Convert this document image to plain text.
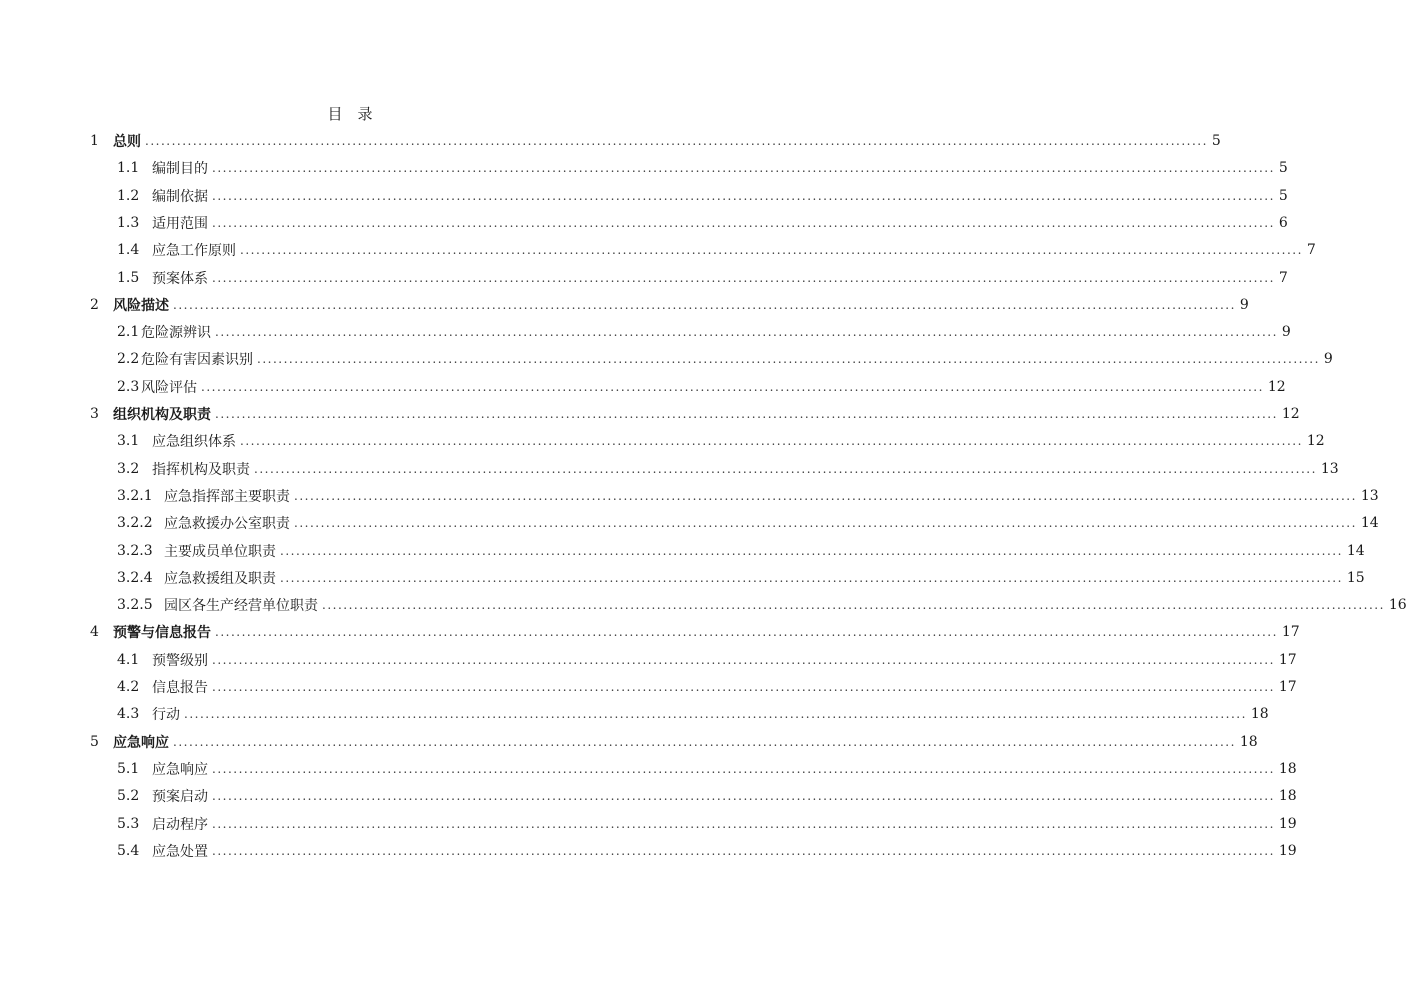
目　录
1	总则 ........................................................................................................................................................................................................ 5
1.1 编制目的 ........................................................................................................................................................................................................ 5
1.2 编制依据 ........................................................................................................................................................................................................ 5
1.3 适用范围 ........................................................................................................................................................................................................ 6
1.4 应急工作原则 ........................................................................................................................................................................................................ 7
1.5 预案体系 ........................................................................................................................................................................................................ 7
2	风险描述 ........................................................................................................................................................................................................ 9
2.1 危险源辨识 ........................................................................................................................................................................................................ 9
2.2 危险有害因素识别 ........................................................................................................................................................................................................ 9
2.3 风险评估 ........................................................................................................................................................................................................ 12
3	组织机构及职责 ........................................................................................................................................................................................................ 12
3.1 应急组织体系 ........................................................................................................................................................................................................ 12
3.2 指挥机构及职责 ........................................................................................................................................................................................................ 13
3.2.1 应急指挥部主要职责 ........................................................................................................................................................................................................ 13
3.2.2 应急救援办公室职责 ........................................................................................................................................................................................................ 14
3.2.3 主要成员单位职责 ........................................................................................................................................................................................................ 14
3.2.4 应急救援组及职责 ........................................................................................................................................................................................................ 15
3.2.5 园区各生产经营单位职责 ........................................................................................................................................................................................................ 16
4	预警与信息报告 ........................................................................................................................................................................................................ 17
4.1 预警级别 ........................................................................................................................................................................................................ 17
4.2 信息报告 ........................................................................................................................................................................................................ 17
4.3 行动 ........................................................................................................................................................................................................ 18
5	应急响应 ........................................................................................................................................................................................................ 18
5.1 应急响应 ........................................................................................................................................................................................................ 18
5.2 预案启动 ........................................................................................................................................................................................................ 18
5.3 启动程序 ........................................................................................................................................................................................................ 19
5.4 应急处置 ........................................................................................................................................................................................................ 19
